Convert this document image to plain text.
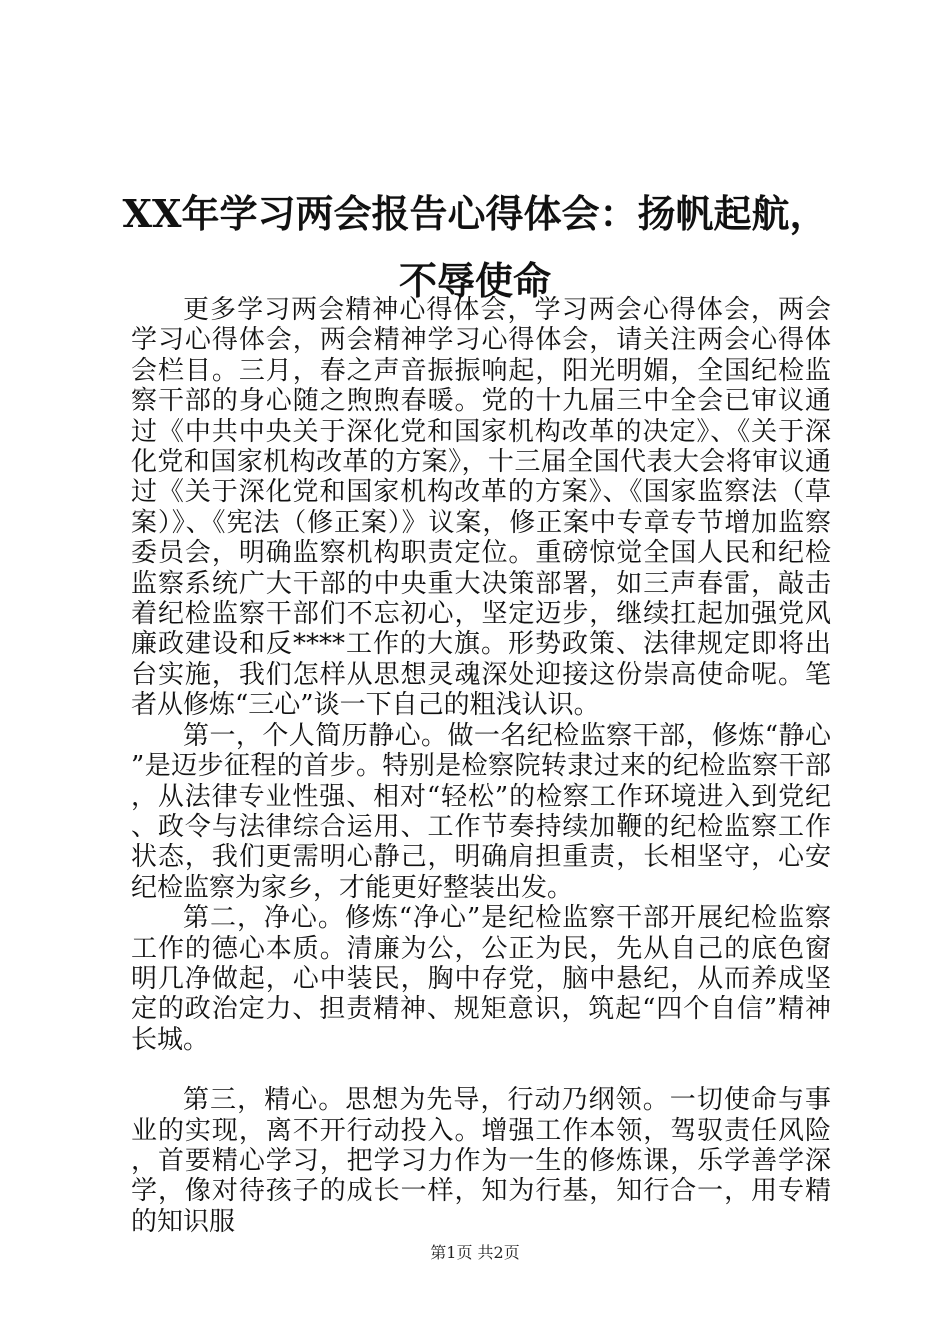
XX年学习两会报告心得体会：扬帆起航，不辱使命

更多学习两会精神心得体会，学习两会心得体会，两会学习心得体会，两会精神学习心得体会，请关注两会心得体会栏目。三月，春之声音振振响起，阳光明媚，全国纪检监察干部的身心随之煦煦春暖。党的十九届三中全会已审议通过《中共中央关于深化党和国家机构改革的决定》、《关于深化党和国家机构改革的方案》，十三届全国代表大会将审议通过《关于深化党和国家机构改革的方案》、《国家监察法（草案）》、《宪法（修正案）》议案，修正案中专章专节增加监察委员会，明确监察机构职责定位。重磅惊觉全国人民和纪检监察系统广大干部的中央重大决策部署，如三声春雷，敲击着纪检监察干部们不忘初心，坚定迈步，继续扛起加强党风廉政建设和反****工作的大旗。形势政策、法律规定即将出台实施，我们怎样从思想灵魂深处迎接这份崇高使命呢。笔者从修炼“三心”谈一下自己的粗浅认识。

第一，个人简历静心。做一名纪检监察干部，修炼“静心”是迈步征程的首步。特别是检察院转隶过来的纪检监察干部，从法律专业性强、相对“轻松”的检察工作环境进入到党纪、政令与法律综合运用、工作节奏持续加鞭的纪检监察工作状态，我们更需明心静己，明确肩担重责，长相坚守，心安纪检监察为家乡，才能更好整装出发。

第二，净心。修炼“净心”是纪检监察干部开展纪检监察工作的德心本质。清廉为公，公正为民，先从自己的底色窗明几净做起，心中装民，胸中存党，脑中悬纪，从而养成坚定的政治定力、担责精神、规矩意识，筑起“四个自信”精神长城。

第三，精心。思想为先导，行动乃纲领。一切使命与事业的实现，离不开行动投入。增强工作本领，驾驭责任风险，首要精心学习，把学习力作为一生的修炼课，乐学善学深学，像对待孩子的成长一样，知为行基，知行合一，用专精的知识服

第1页 共2页
